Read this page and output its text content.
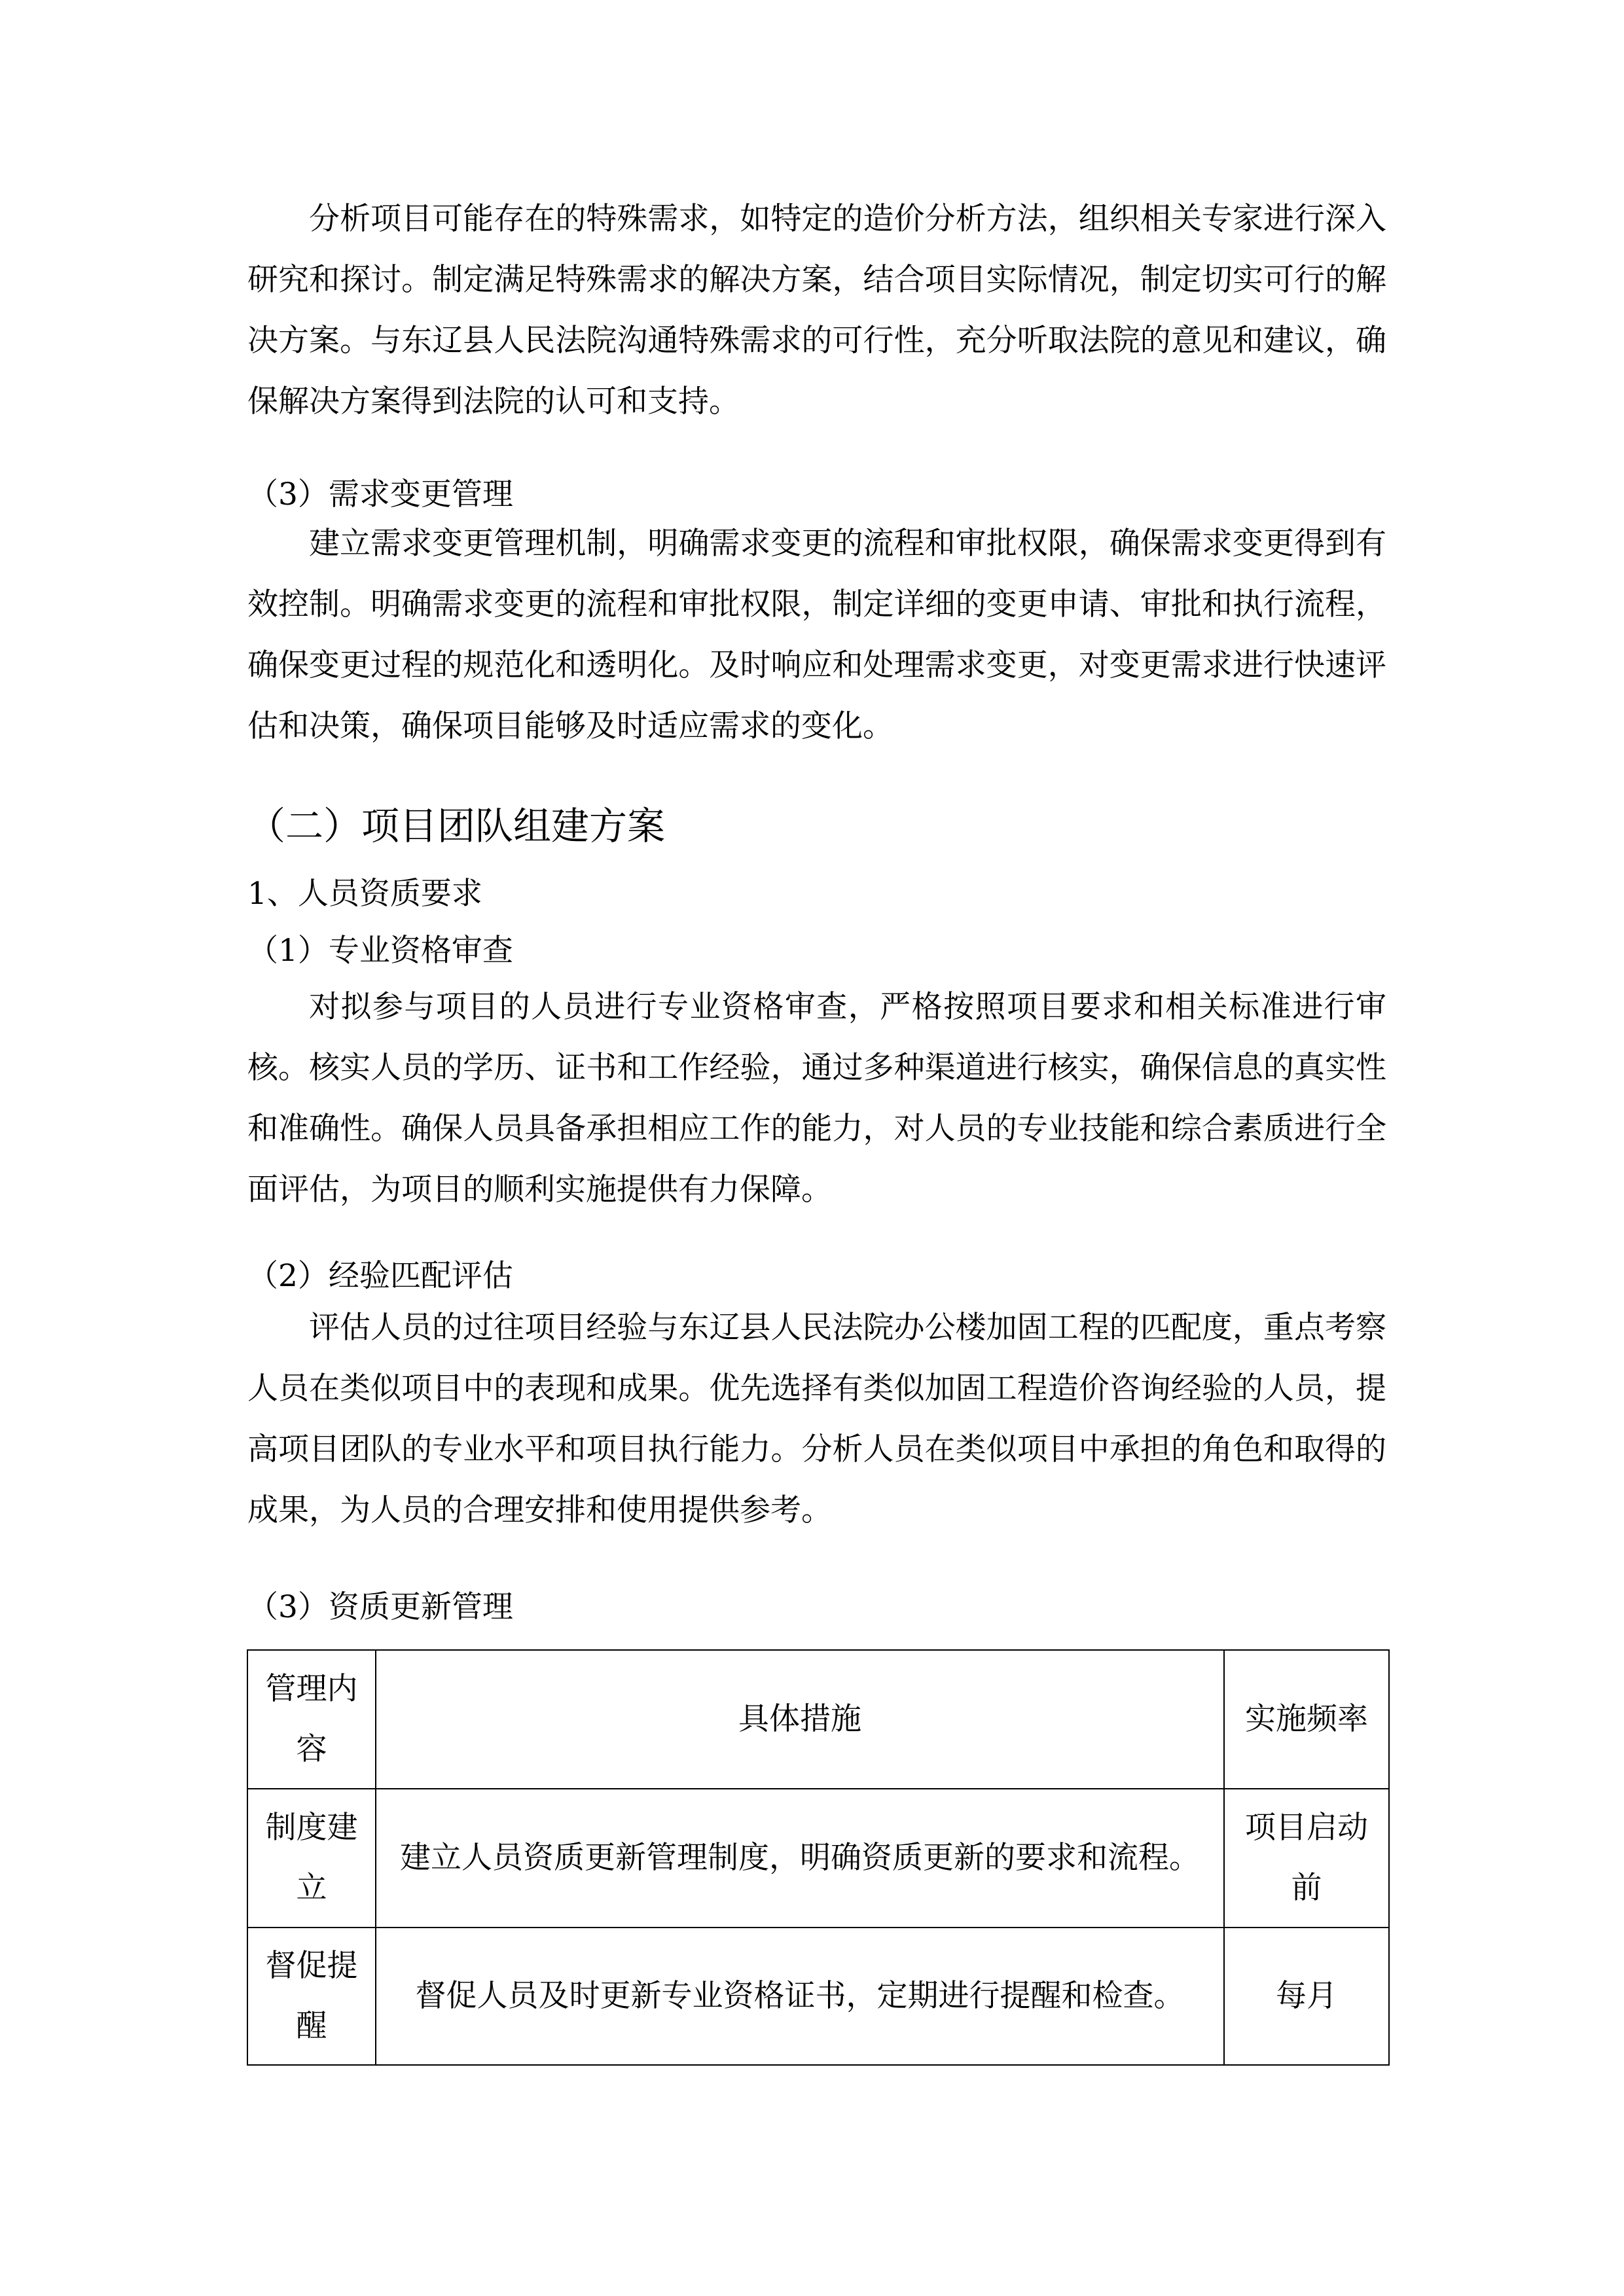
分析项目可能存在的特殊需求，如特定的造价分析方法，组织相关专家进行深入研究和探讨。制定满足特殊需求的解决方案，结合项目实际情况，制定切实可行的解决方案。与东辽县人民法院沟通特殊需求的可行性，充分听取法院的意见和建议，确保解决方案得到法院的认可和支持。

（3）需求变更管理

建立需求变更管理机制，明确需求变更的流程和审批权限，确保需求变更得到有效控制。明确需求变更的流程和审批权限，制定详细的变更申请、审批和执行流程，确保变更过程的规范化和透明化。及时响应和处理需求变更，对变更需求进行快速评估和决策，确保项目能够及时适应需求的变化。

（二）项目团队组建方案

1、人员资质要求

（1）专业资格审查

对拟参与项目的人员进行专业资格审查，严格按照项目要求和相关标准进行审核。核实人员的学历、证书和工作经验，通过多种渠道进行核实，确保信息的真实性和准确性。确保人员具备承担相应工作的能力，对人员的专业技能和综合素质进行全面评估，为项目的顺利实施提供有力保障。

（2）经验匹配评估

评估人员的过往项目经验与东辽县人民法院办公楼加固工程的匹配度，重点考察人员在类似项目中的表现和成果。优先选择有类似加固工程造价咨询经验的人员，提高项目团队的专业水平和项目执行能力。分析人员在类似项目中承担的角色和取得的成果，为人员的合理安排和使用提供参考。

（3）资质更新管理

管理内容	具体措施	实施频率
制度建立	建立人员资质更新管理制度，明确资质更新的要求和流程。	项目启动前
督促提醒	督促人员及时更新专业资格证书，定期进行提醒和检查。	每月
